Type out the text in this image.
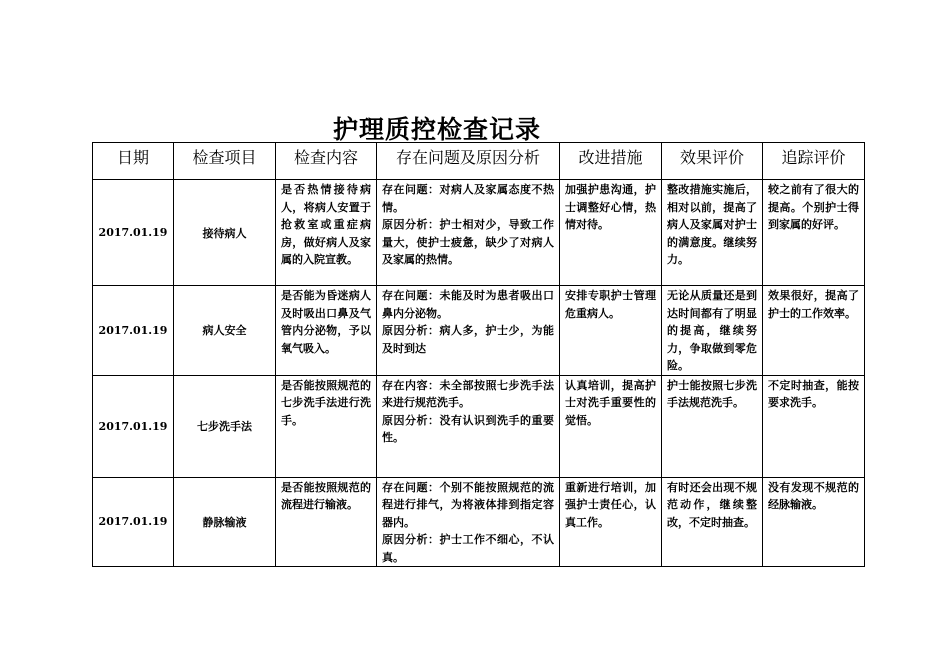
护理质控检查记录
日期	检查项目	检查内容	存在问题及原因分析	改进措施	效果评价	追踪评价
2017.01.19	接待病人	是否热情接待病人，将病人安置于抢救室或重症病房，做好病人及家属的入院宣教。	存在问题：对病人及家属态度不热情。
原因分析：护士相对少，导致工作量大，使护士疲惫，缺少了对病人及家属的热情。	加强护患沟通，护士调整好心情，热情对待。	整改措施实施后，相对以前，提高了病人及家属对护士的满意度。继续努力。	较之前有了很大的提高。个别护士得到家属的好评。
2017.01.19	病人安全	是否能为昏迷病人及时吸出口鼻及气管内分泌物，予以氧气吸入。	存在问题：未能及时为患者吸出口鼻内分泌物。
原因分析：病人多，护士少，为能及时到达	安排专职护士管理危重病人。	无论从质量还是到达时间都有了明显的提高，继续努力，争取做到零危险。	效果很好，提高了护士的工作效率。
2017.01.19	七步洗手法	是否能按照规范的七步洗手法进行洗手。	存在内容：未全部按照七步洗手法来进行规范洗手。
原因分析：没有认识到洗手的重要性。	认真培训，提高护士对洗手重要性的觉悟。	护士能按照七步洗手法规范洗手。	不定时抽查，能按要求洗手。
2017.01.19	静脉输液	是否能按照规范的流程进行输液。	存在问题：个别不能按照规范的流程进行排气，为将液体排到指定容器内。
原因分析：护士工作不细心，不认真。	重新进行培训，加强护士责任心，认真工作。	有时还会出现不规范动作，继续整改，不定时抽查。	没有发现不规范的经脉输液。
